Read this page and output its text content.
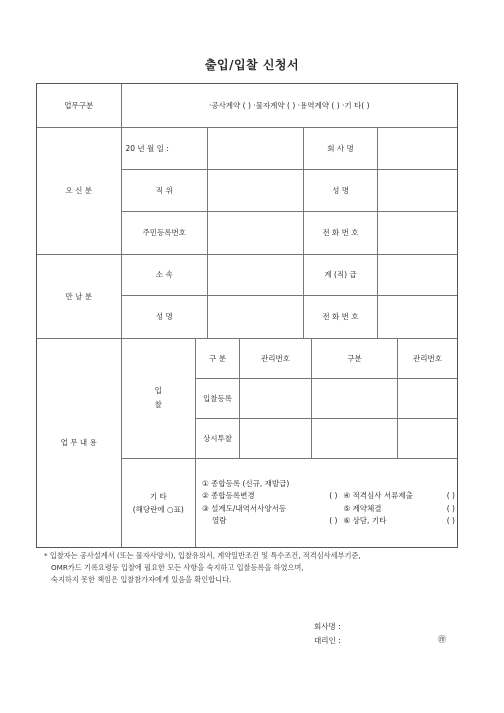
출입/입찰 신청서
업무구분	·공사계약 ( ) ·물자계약 ( ) ·용역계약 ( ) ·기 타( )
오 신 분	
20 년 월 일 :		회 사 명	
직 위		성 명	
주민등록번호		전 화 번 호	

만 날 분	
소 속		계 (직) 급	
성 명		전 화 번 호	

업 무 내 용	
입
찰	구 분	관리번호	구분	관리번호
입찰등록			
상시투찰			

기 타
(해당란에 ○표)

① 종합등록 (신규, 재발급)
② 종합등록변경	( ) ④ 적격심사 서류제출	( )
③ 설계도/내역서사양서등	⑤ 계약체결	( )
열람	( ) ⑥ 상담, 기타	( )
* 입찰자는 공사설계서 (또는 물자사양서), 입찰유의서, 계약일반조건 및 특수조건, 적격심사세부기준,
OMR카드 기록요령등 입찰에 필요한 모든 사항을 숙지하고 입찰등록을 하였으며,
숙지하지 못한 책임은 입찰참가자에게 있음을 확인합니다.
회사명 :
대리인 :	㊞
